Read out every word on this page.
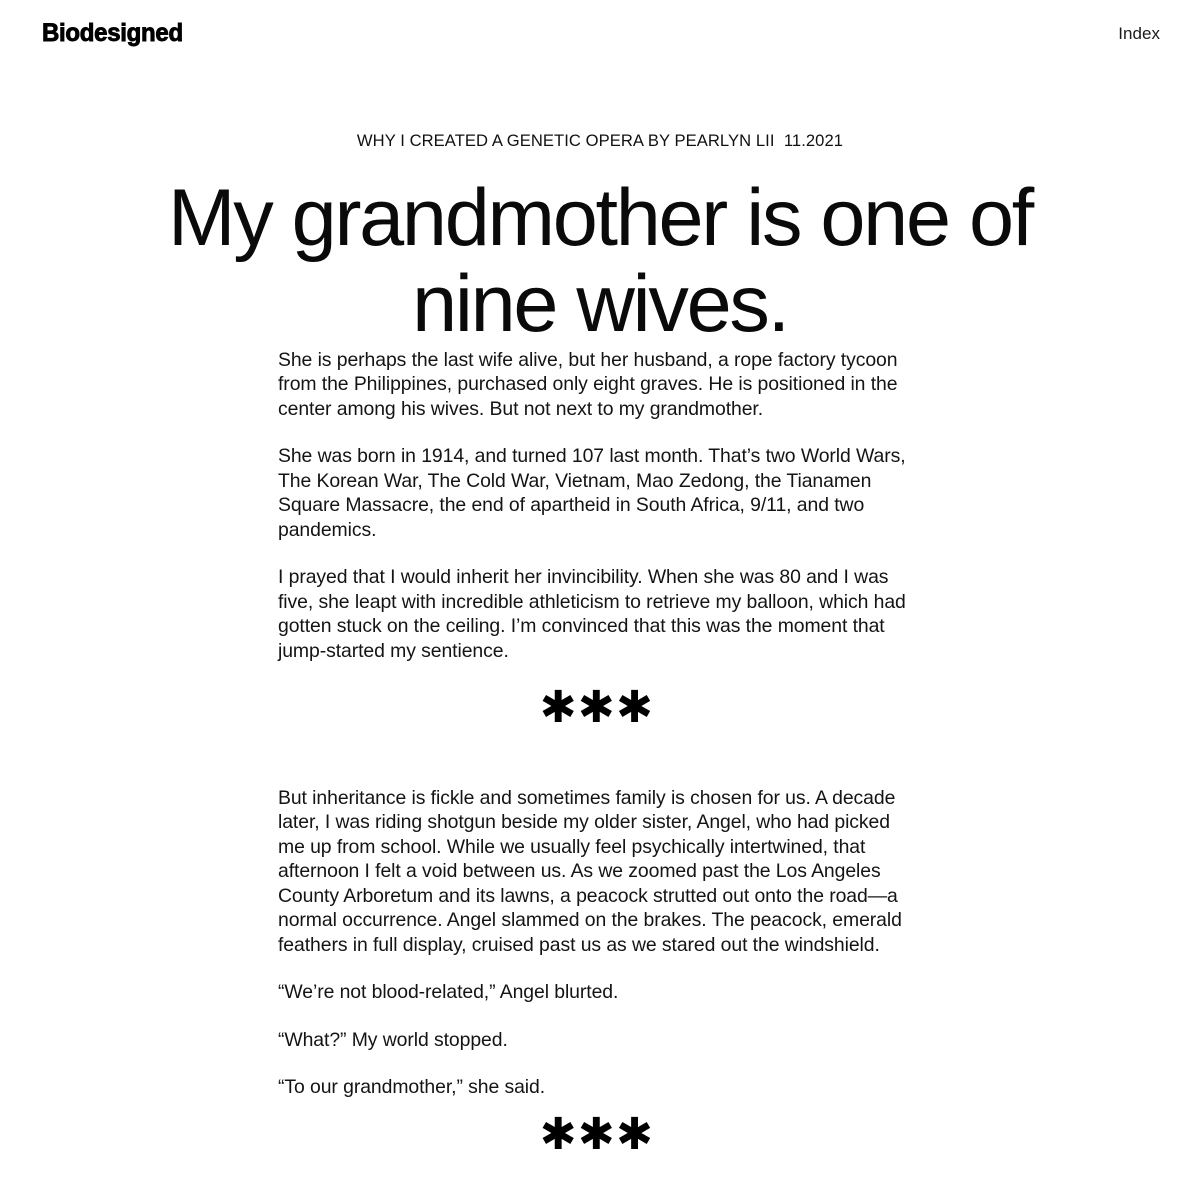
Biodesigned	Index
WHY I CREATED A GENETIC OPERA BY PEARLYN LII  11.2021
My grandmother is one of nine wives.

She is perhaps the last wife alive, but her husband, a rope factory tycoon from the Philippines, purchased only eight graves. He is positioned in the center among his wives. But not next to my grandmother.

She was born in 1914, and turned 107 last month. That’s two World Wars, The Korean War, The Cold War, Vietnam, Mao Zedong, the Tianamen Square Massacre, the end of apartheid in South Africa, 9/11, and two pandemics.

I prayed that I would inherit her invincibility. When she was 80 and I was five, she leapt with incredible athleticism to retrieve my balloon, which had gotten stuck on the ceiling. I’m convinced that this was the moment that jump-started my sentience.

✱✱✱

But inheritance is fickle and sometimes family is chosen for us. A decade later, I was riding shotgun beside my older sister, Angel, who had picked me up from school. While we usually feel psychically intertwined, that afternoon I felt a void between us. As we zoomed past the Los Angeles County Arboretum and its lawns, a peacock strutted out onto the road—a normal occurrence. Angel slammed on the brakes. The peacock, emerald feathers in full display, cruised past us as we stared out the windshield.

“We’re not blood-related,” Angel blurted.

“What?” My world stopped.

“To our grandmother,” she said.

✱✱✱
